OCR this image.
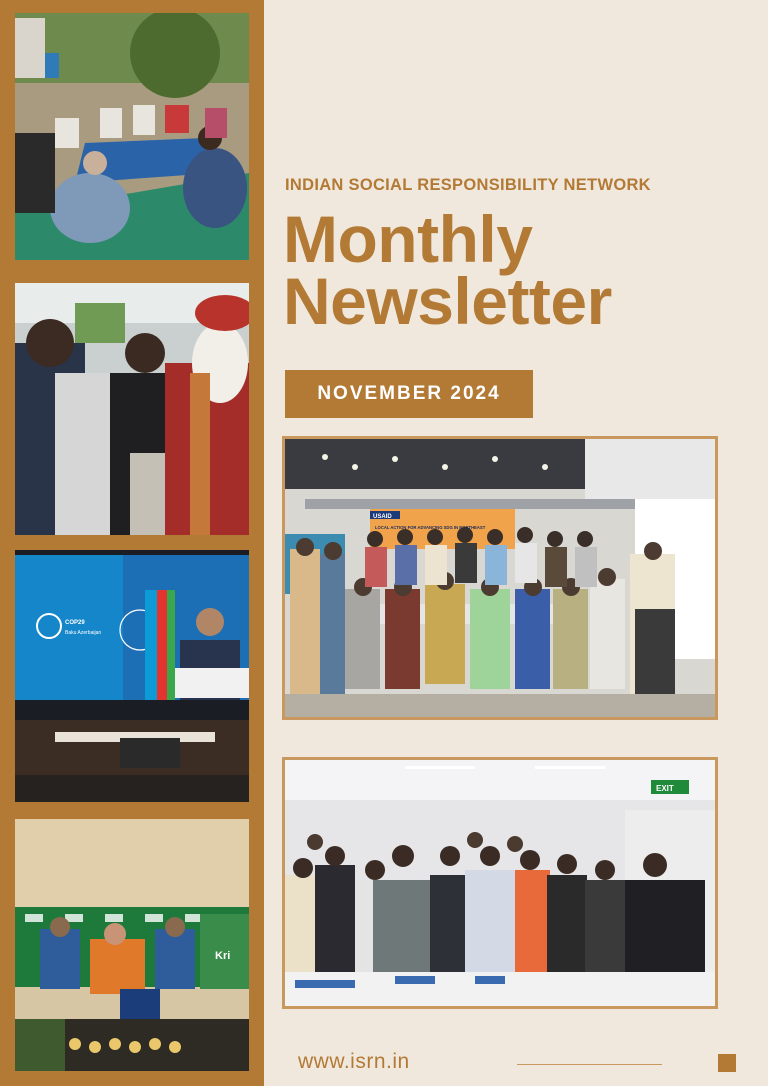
COP29
Baku Azerbaijan
Kri
INDIAN SOCIAL RESPONSIBILITY NETWORK
Monthly
Newsletter
NOVEMBER 2024
USAID
LOCAL ACTION FOR ADVANCING SDG IN NORTHEAST
EXIT
www.isrn.in
